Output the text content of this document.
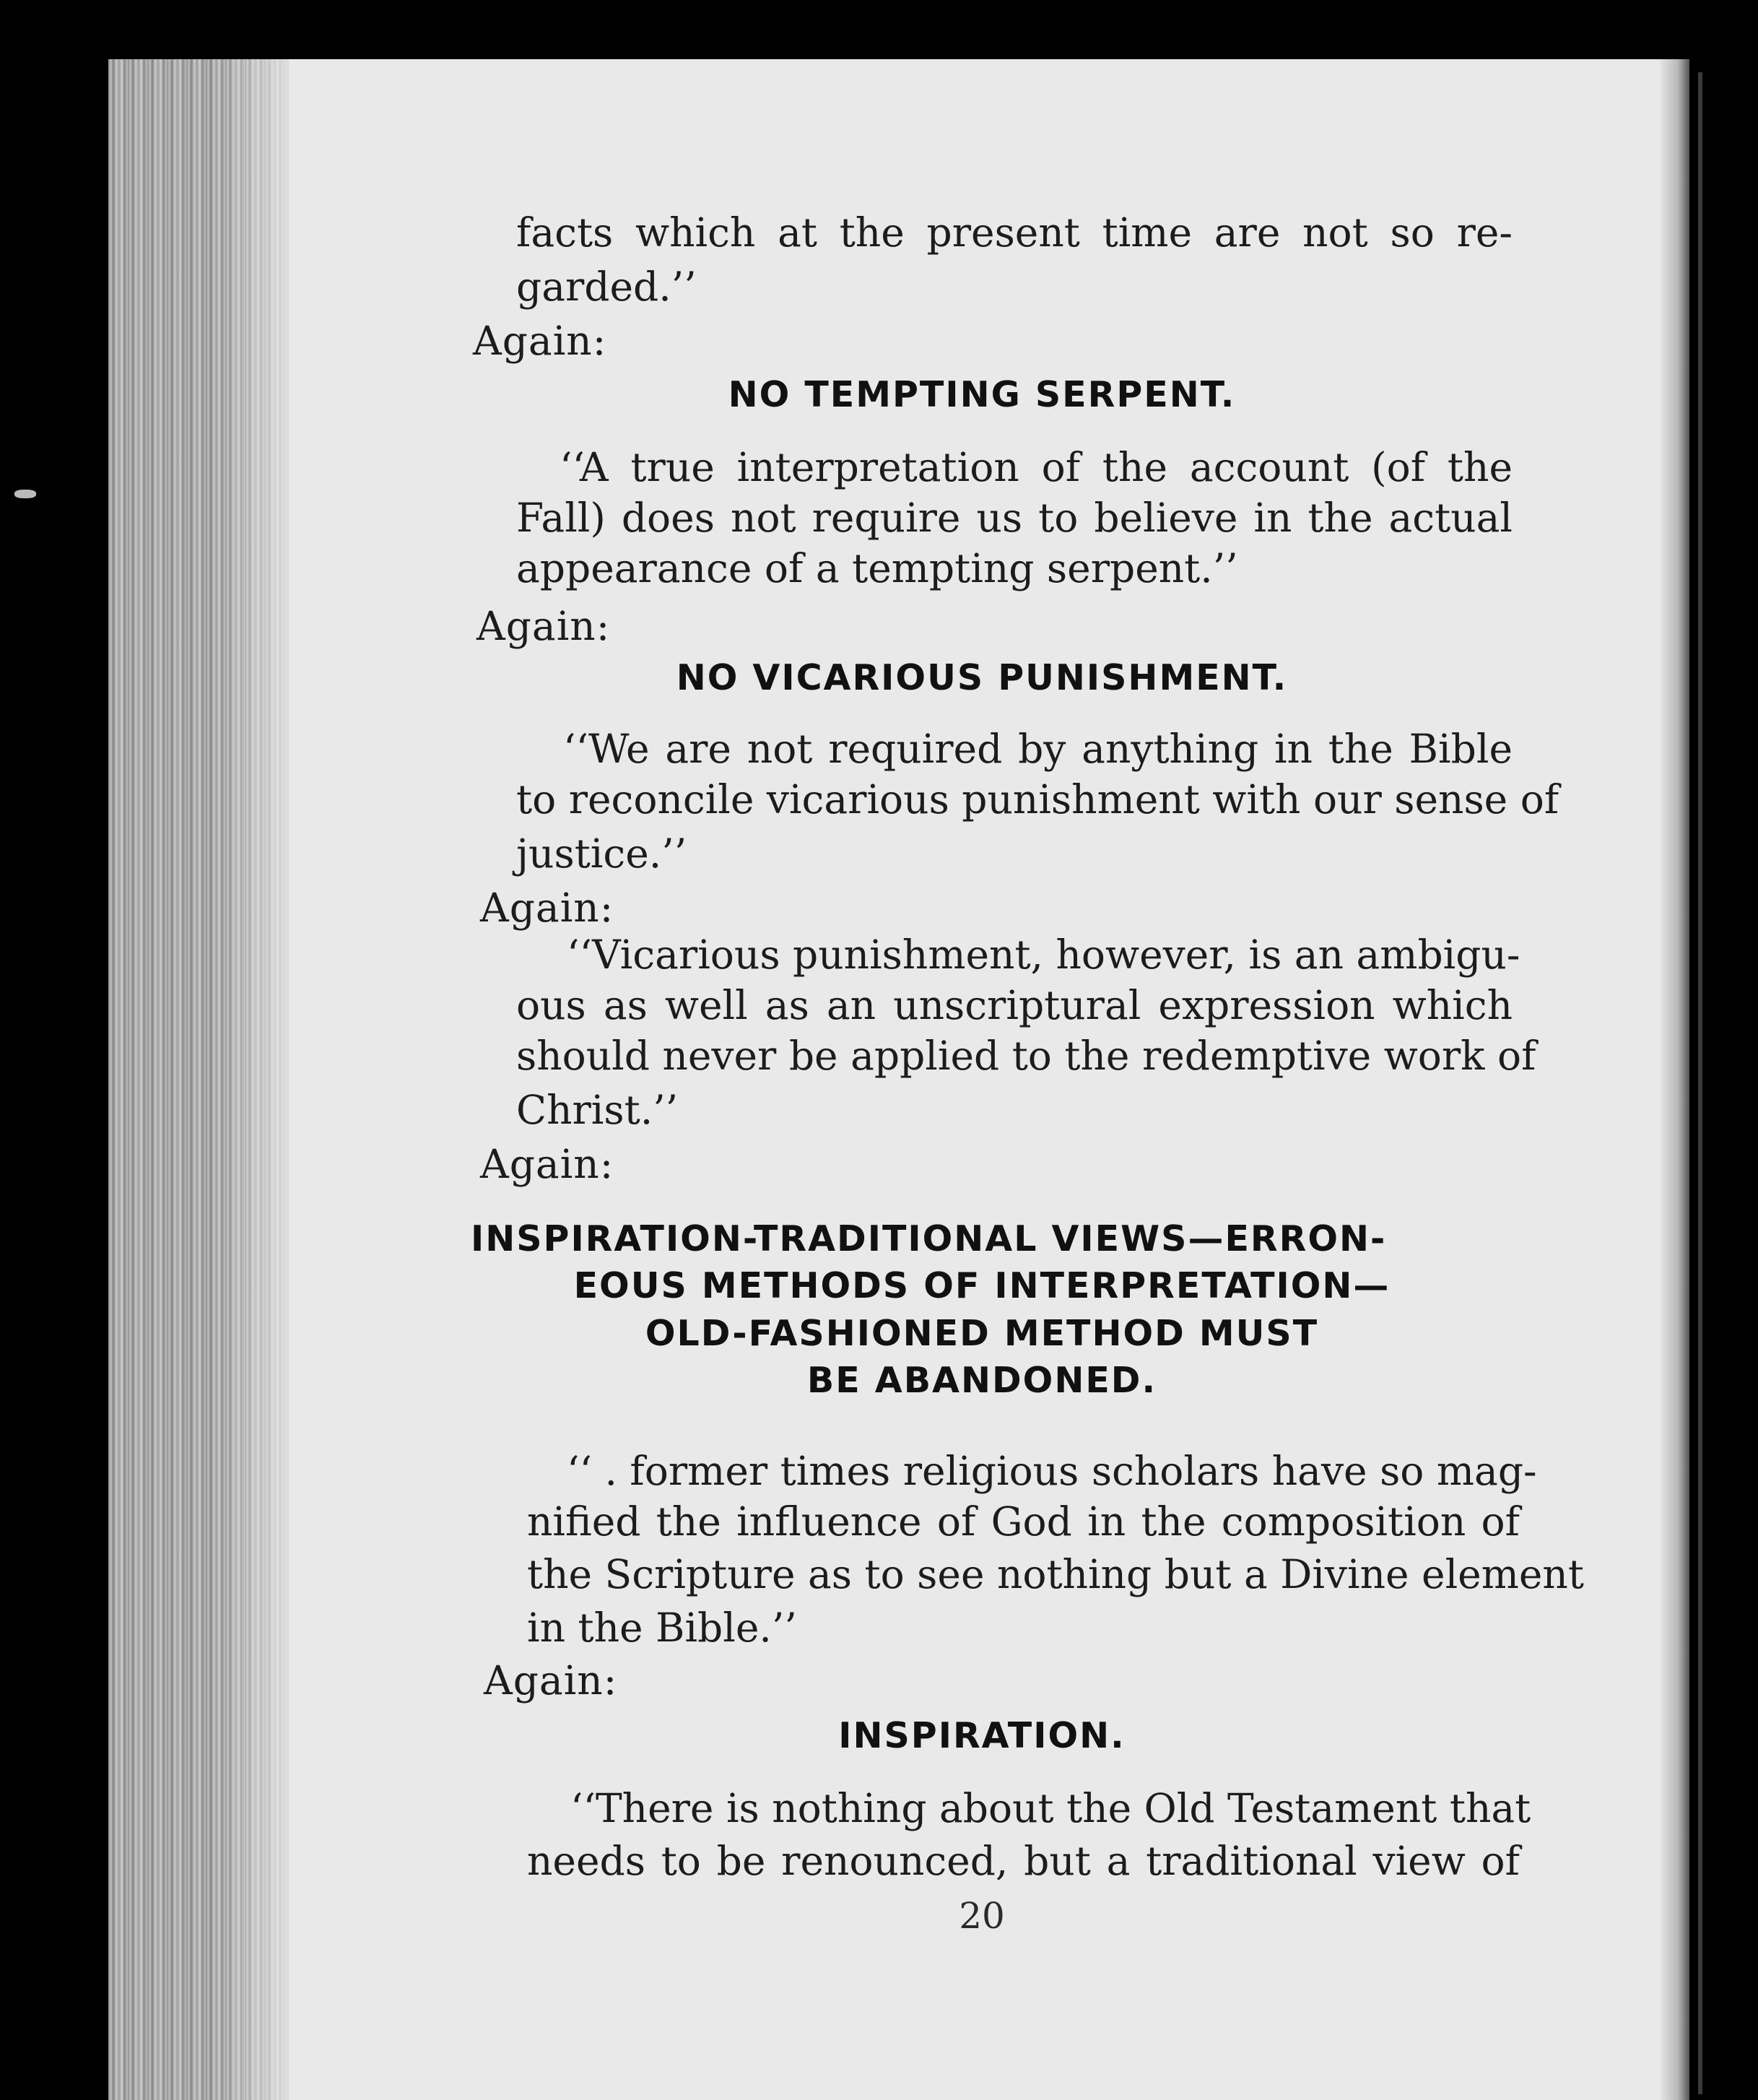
facts which at the present time are not so re-
garded.’’
Again:
NO TEMPTING SERPENT.
‘‘A true interpretation of the account (of the
Fall) does not require us to believe in the actual
appearance of a tempting serpent.’’
Again:
NO VICARIOUS PUNISHMENT.
‘‘We are not required by anything in the Bible
to reconcile vicarious punishment with our sense of
justice.’’
Again:
‘‘Vicarious punishment, however, is an ambigu-
ous as well as an unscriptural expression which
should never be applied to the redemptive work of
Christ.’’
Again:
INSPIRATION-TRADITIONAL VIEWS—ERRON-
EOUS METHODS OF INTERPRETATION—
OLD-FASHIONED METHOD MUST
BE ABANDONED.
‘‘ . former times religious scholars have so mag-
nified the influence of God in the composition of
the Scripture as to see nothing but a Divine element
in the Bible.’’
Again:
INSPIRATION.
‘‘There is nothing about the Old Testament that
needs to be renounced, but a traditional view of
20
